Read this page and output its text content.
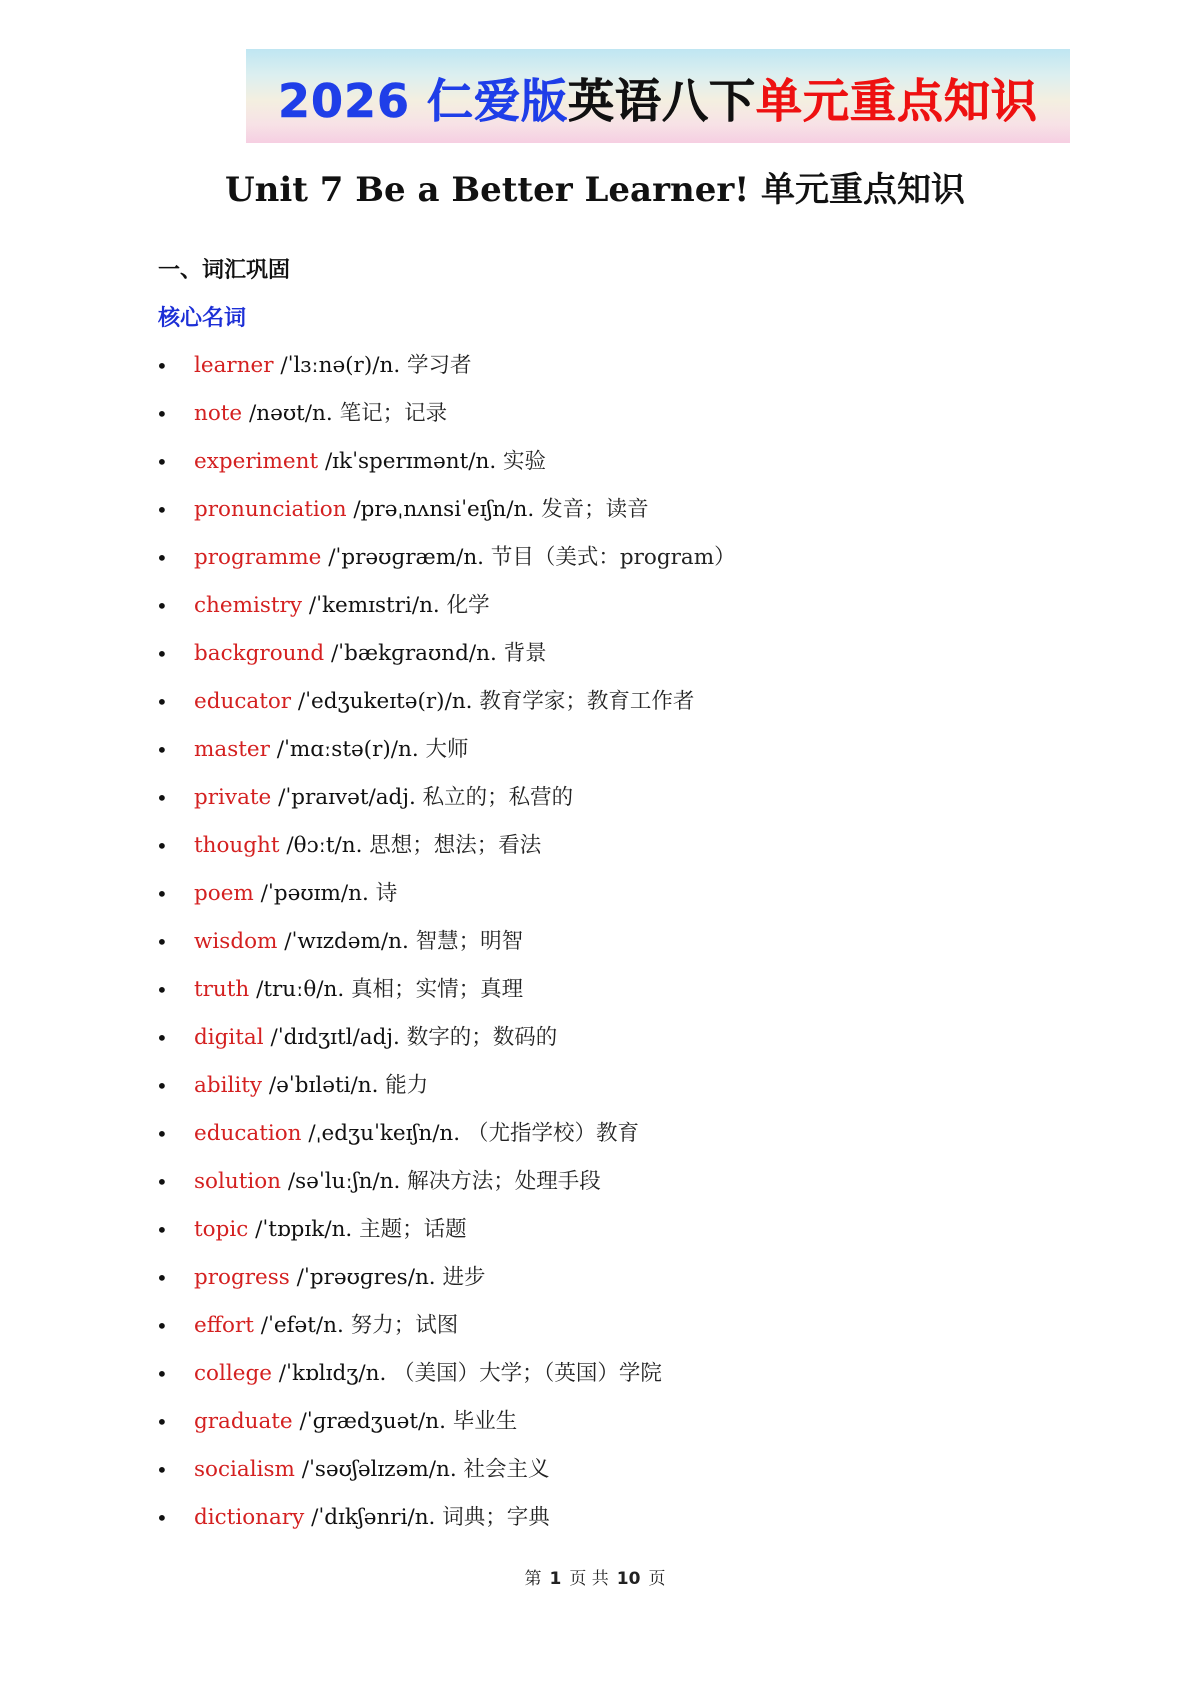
2026 仁爱版英语八下单元重点知识
Unit 7 Be a Better Learner! 单元重点知识
一、词汇巩固
核心名词
• learner /ˈlɜːnə(r)/n. 学习者
• note /nəʊt/n. 笔记；记录
• experiment /ɪkˈsperɪmənt/n. 实验
• pronunciation /prəˌnʌnsiˈeɪʃn/n. 发音；读音
• programme /ˈprəʊɡræm/n. 节目（美式：program）
• chemistry /ˈkemɪstri/n. 化学
• background /ˈbækɡraʊnd/n. 背景
• educator /ˈedʒukeɪtə(r)/n. 教育学家；教育工作者
• master /ˈmɑːstə(r)/n. 大师
• private /ˈpraɪvət/adj. 私立的；私营的
• thought /θɔːt/n. 思想；想法；看法
• poem /ˈpəʊɪm/n. 诗
• wisdom /ˈwɪzdəm/n. 智慧；明智
• truth /truːθ/n. 真相；实情；真理
• digital /ˈdɪdʒɪtl/adj. 数字的；数码的
• ability /əˈbɪləti/n. 能力
• education /ˌedʒuˈkeɪʃn/n. （尤指学校）教育
• solution /səˈluːʃn/n. 解决方法；处理手段
• topic /ˈtɒpɪk/n. 主题；话题
• progress /ˈprəʊɡres/n. 进步
• effort /ˈefət/n. 努力；试图
• college /ˈkɒlɪdʒ/n. （美国）大学；（英国）学院
• graduate /ˈɡrædʒuət/n. 毕业生
• socialism /ˈsəʊʃəlɪzəm/n. 社会主义
• dictionary /ˈdɪkʃənri/n. 词典；字典
第 1 页 共 10 页
